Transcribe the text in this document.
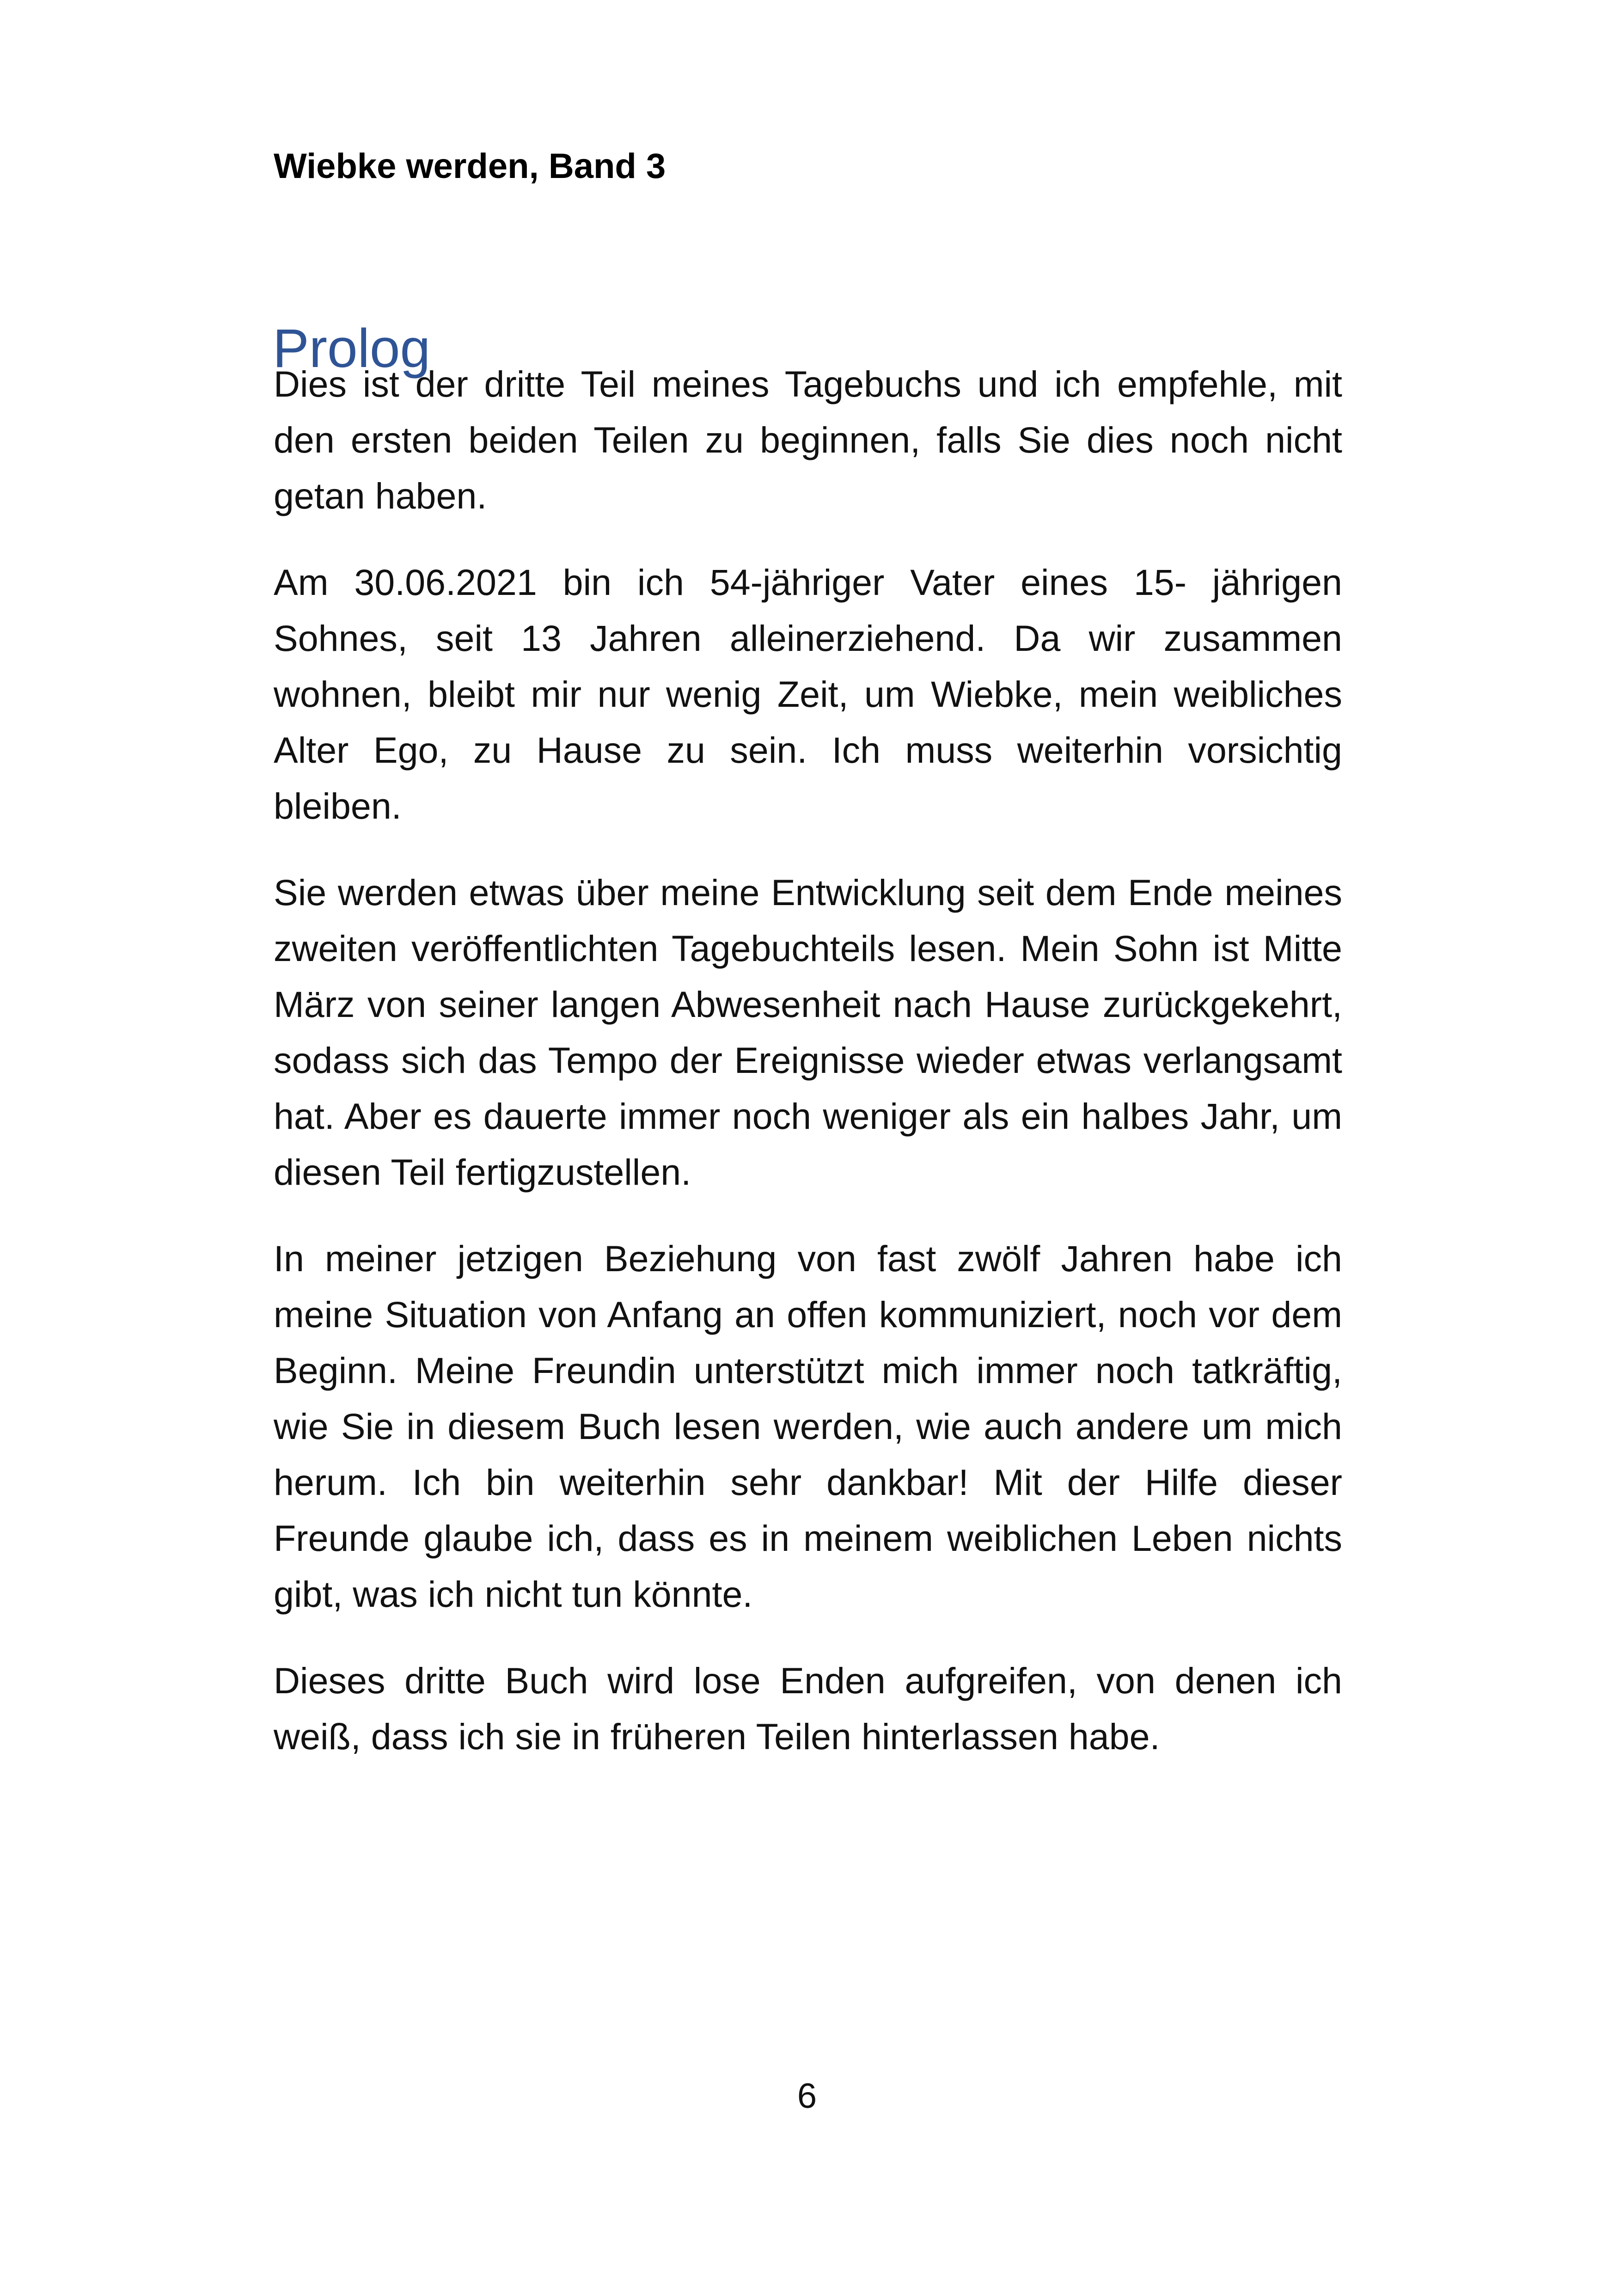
Wiebke werden, Band 3
Prolog

Dies ist der dritte Teil meines Tagebuchs und ich empfehle, mit den ersten beiden Teilen zu beginnen, falls Sie dies noch nicht getan haben.

Am 30.06.2021 bin ich 54-jähriger Vater eines 15- jährigen Sohnes, seit 13 Jahren alleinerziehend. Da wir zusammen wohnen, bleibt mir nur wenig Zeit, um Wiebke, mein weibliches Alter Ego, zu Hause zu sein. Ich muss weiterhin vorsichtig bleiben.

Sie werden etwas über meine Entwicklung seit dem Ende meines zweiten veröffentlichten Tagebuchteils lesen. Mein Sohn ist Mitte März von seiner langen Abwesenheit nach Hause zurückgekehrt, sodass sich das Tempo der Ereignisse wieder etwas verlangsamt hat. Aber es dauerte immer noch weniger als ein halbes Jahr, um diesen Teil fertigzustellen.

In meiner jetzigen Beziehung von fast zwölf Jahren habe ich meine Situation von Anfang an offen kommuniziert, noch vor dem Beginn. Meine Freundin unterstützt mich immer noch tatkräftig, wie Sie in diesem Buch lesen werden, wie auch andere um mich herum. Ich bin weiterhin sehr dankbar! Mit der Hilfe dieser Freunde glaube ich, dass es in meinem weiblichen Leben nichts gibt, was ich nicht tun könnte.

Dieses dritte Buch wird lose Enden aufgreifen, von denen ich weiß, dass ich sie in früheren Teilen hinterlassen habe.

6
